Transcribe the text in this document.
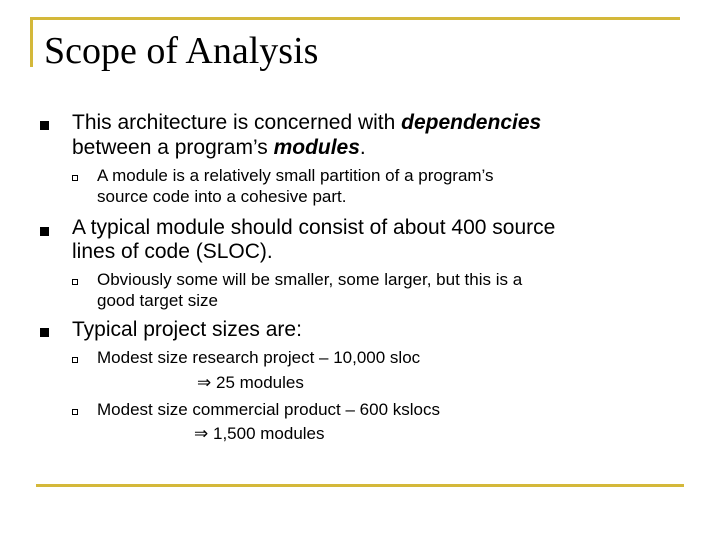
Scope of Analysis
This architecture is concerned with dependencies
between a program’s modules.
A module is a relatively small partition of a program’s
source code into a cohesive part.
A typical module should consist of about 400 source
lines of code (SLOC).
Obviously some will be smaller, some larger, but this is a
good target size
Typical project sizes are:
Modest size research project – 10,000 sloc
⇒ 25 modules
Modest size commercial product – 600 kslocs
⇒ 1,500 modules
